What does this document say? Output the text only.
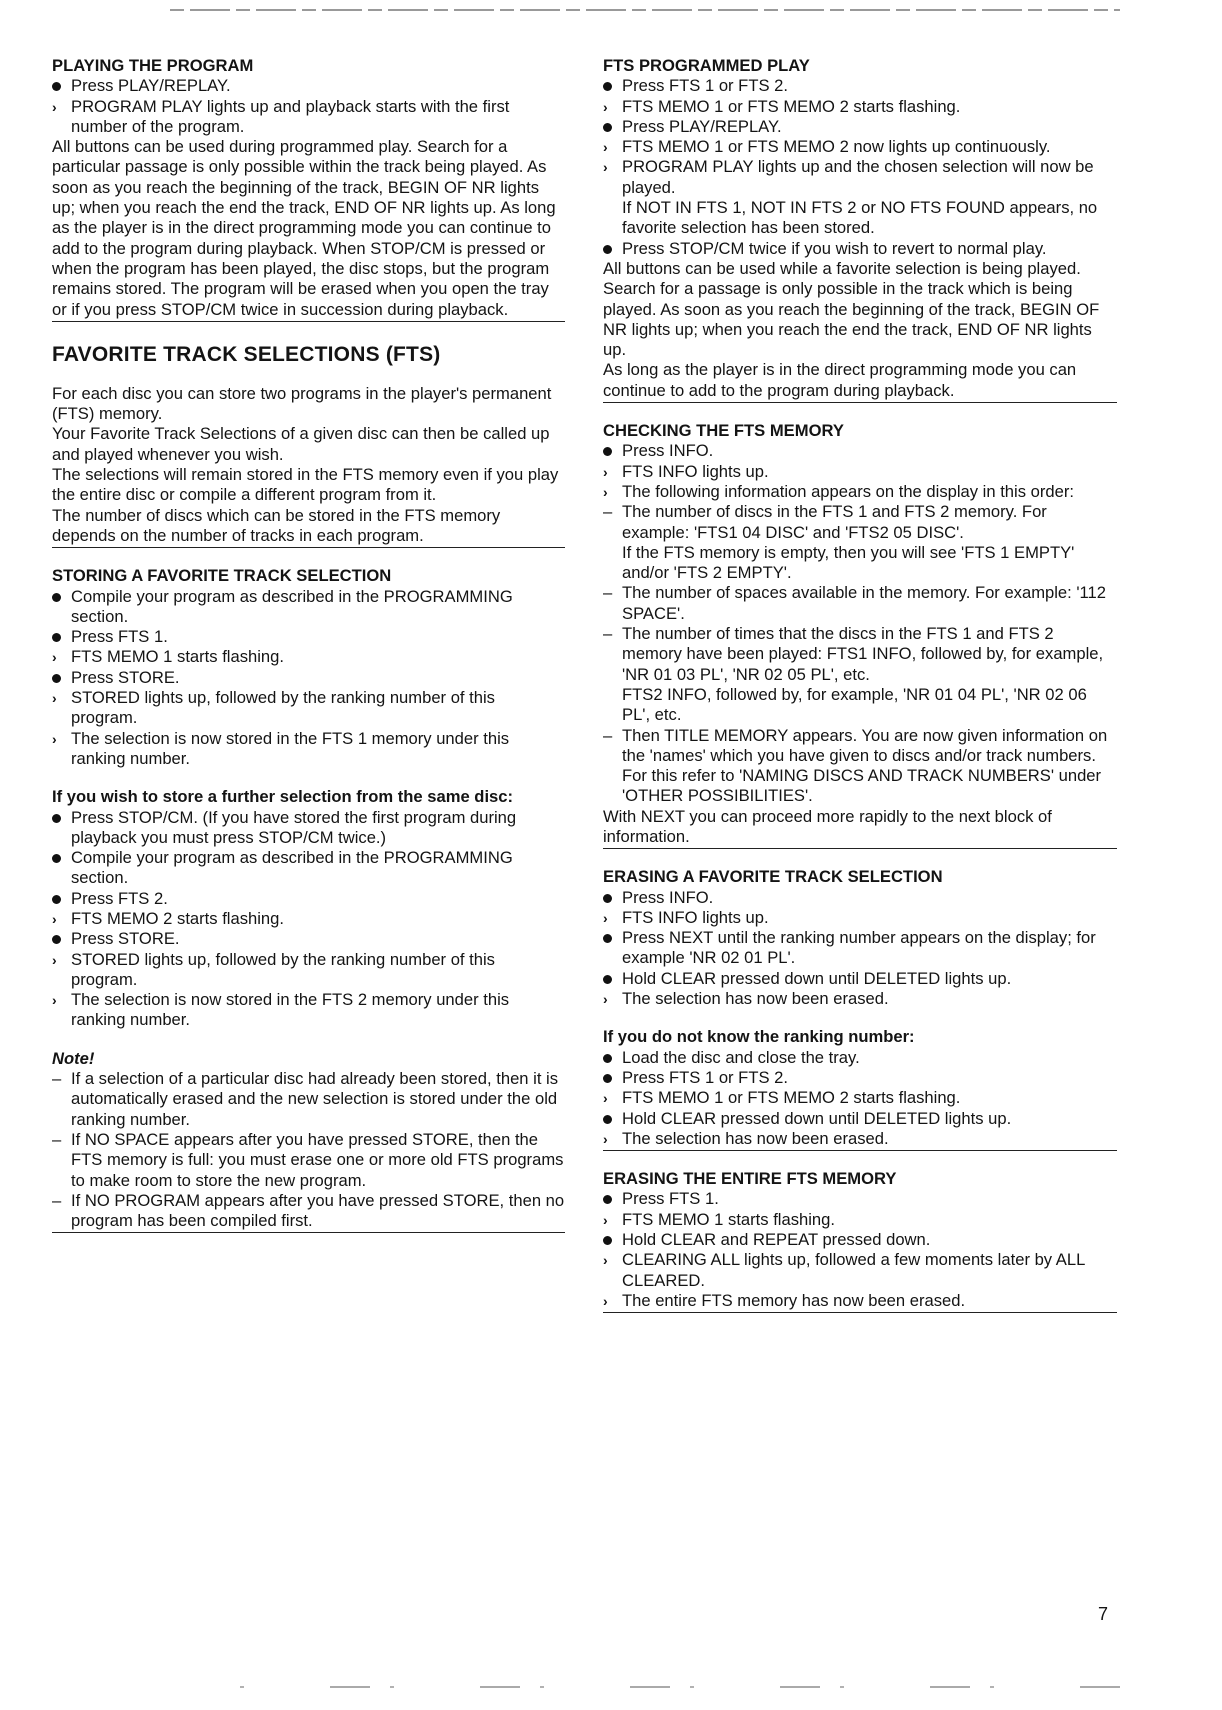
PLAYING THE PROGRAM
Press PLAY/REPLAY.
› PROGRAM PLAY lights up and playback starts with the first number of the program.

All buttons can be used during programmed play. Search for a particular passage is only possible within the track being played. As soon as you reach the beginning of the track, BEGIN OF NR lights up; when you reach the end the track, END OF NR lights up. As long as the player is in the direct programming mode you can continue to add to the program during playback. When STOP/CM is pressed or when the program has been played, the disc stops, but the program remains stored. The program will be erased when you open the tray or if you press STOP/CM twice in succession during playback.

FAVORITE TRACK SELECTIONS (FTS)

For each disc you can store two programs in the player's permanent (FTS) memory.

Your Favorite Track Selections of a given disc can then be called up and played whenever you wish.

The selections will remain stored in the FTS memory even if you play the entire disc or compile a different program from it.

The number of discs which can be stored in the FTS memory depends on the number of tracks in each program.

STORING A FAVORITE TRACK SELECTION
Compile your program as described in the PROGRAMMING section.
Press FTS 1.
› FTS MEMO 1 starts flashing.
Press STORE.
› STORED lights up, followed by the ranking number of this program.
› The selection is now stored in the FTS 1 memory under this ranking number.
If you wish to store a further selection from the same disc:
Press STOP/CM. (If you have stored the first program during playback you must press STOP/CM twice.)
Compile your program as described in the PROGRAMMING section.
Press FTS 2.
› FTS MEMO 2 starts flashing.
Press STORE.
› STORED lights up, followed by the ranking number of this program.
› The selection is now stored in the FTS 2 memory under this ranking number.
Note!
– If a selection of a particular disc had already been stored, then it is automatically erased and the new selection is stored under the old ranking number.
– If NO SPACE appears after you have pressed STORE, then the FTS memory is full: you must erase one or more old FTS programs to make room to store the new program.
– If NO PROGRAM appears after you have pressed STORE, then no program has been compiled first.
FTS PROGRAMMED PLAY
Press FTS 1 or FTS 2.
› FTS MEMO 1 or FTS MEMO 2 starts flashing.
Press PLAY/REPLAY.
› FTS MEMO 1 or FTS MEMO 2 now lights up continuously.
› PROGRAM PLAY lights up and the chosen selection will now be played.
If NOT IN FTS 1, NOT IN FTS 2 or NO FTS FOUND appears, no favorite selection has been stored.
Press STOP/CM twice if you wish to revert to normal play.

All buttons can be used while a favorite selection is being played. Search for a passage is only possible in the track which is being played. As soon as you reach the beginning of the track, BEGIN OF NR lights up; when you reach the end the track, END OF NR lights up.

As long as the player is in the direct programming mode you can continue to add to the program during playback.

CHECKING THE FTS MEMORY
Press INFO.
› FTS INFO lights up.
› The following information appears on the display in this order:
– The number of discs in the FTS 1 and FTS 2 memory. For example: 'FTS1 04 DISC' and 'FTS2 05 DISC'.
If the FTS memory is empty, then you will see 'FTS 1 EMPTY' and/or 'FTS 2 EMPTY'.
– The number of spaces available in the memory. For example: '112 SPACE'.
– The number of times that the discs in the FTS 1 and FTS 2 memory have been played: FTS1 INFO, followed by, for example, 'NR 01 03 PL', 'NR 02 05 PL', etc.
FTS2 INFO, followed by, for example, 'NR 01 04 PL', 'NR 02 06 PL', etc.
– Then TITLE MEMORY appears. You are now given information on the 'names' which you have given to discs and/or track numbers. For this refer to 'NAMING DISCS AND TRACK NUMBERS' under 'OTHER POSSIBILITIES'.

With NEXT you can proceed more rapidly to the next block of information.

ERASING A FAVORITE TRACK SELECTION
Press INFO.
› FTS INFO lights up.
Press NEXT until the ranking number appears on the display; for example 'NR 02 01 PL'.
Hold CLEAR pressed down until DELETED lights up.
› The selection has now been erased.
If you do not know the ranking number:
Load the disc and close the tray.
Press FTS 1 or FTS 2.
› FTS MEMO 1 or FTS MEMO 2 starts flashing.
Hold CLEAR pressed down until DELETED lights up.
› The selection has now been erased.
ERASING THE ENTIRE FTS MEMORY
Press FTS 1.
› FTS MEMO 1 starts flashing.
Hold CLEAR and REPEAT pressed down.
› CLEARING ALL lights up, followed a few moments later by ALL CLEARED.
› The entire FTS memory has now been erased.
7
